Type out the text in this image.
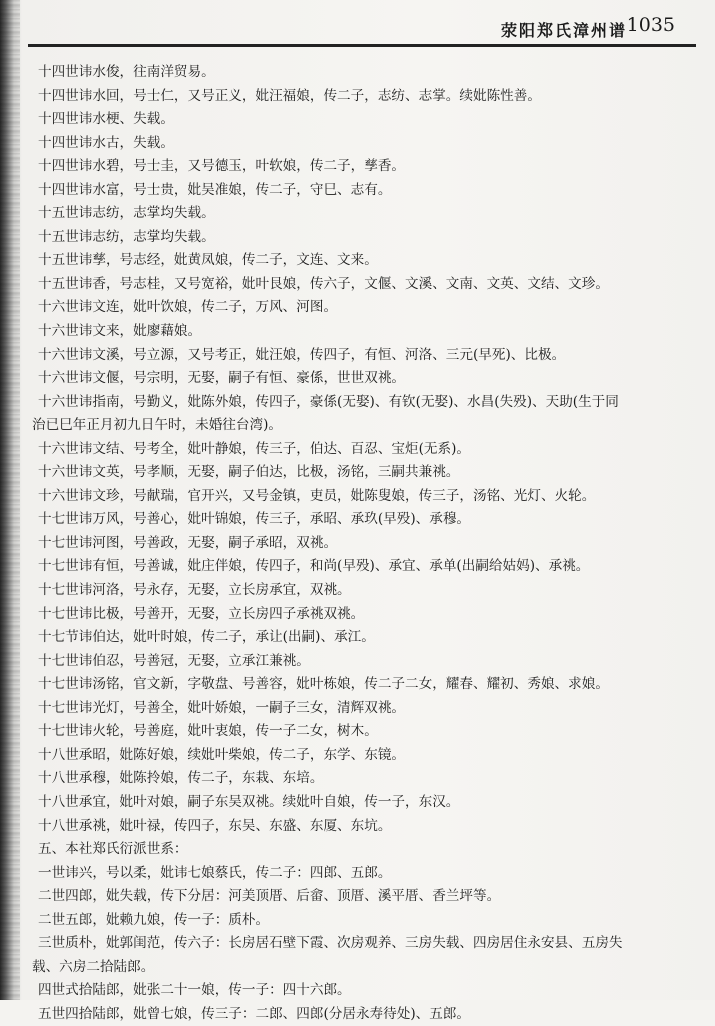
荥阳郑氏漳州谱 1035
十四世讳水俊，往南洋贸易。
十四世讳水回，号士仁，又号正义，妣汪福娘，传二子，志纺、志掌。续妣陈性善。
十四世讳水梗、失载。
十四世讳水古，失载。
十四世讳水碧，号士圭，又号德玉，叶软娘，传二子，孳香。
十四世讳水富，号士贵，妣吴准娘，传二子，守巳、志有。
十五世讳志纺，志掌均失载。
十五世讳志纺，志掌均失载。
十五世讳孳，号志经，妣黄凤娘，传二子，文连、文来。
十五世讳香，号志桂，又号宽裕，妣叶艮娘，传六子，文偃、文溪、文南、文英、文结、文珍。
十六世讳文连，妣叶饮娘，传二子，万风、河图。
十六世讳文来，妣廖藉娘。
十六世讳文溪，号立源，又号考正，妣汪娘，传四子，有恒、河洛、三元(早死)、比极。
十六世讳文偃，号宗明，无娶，嗣子有恒、豪係，世世双祧。
十六世讳指南，号勤义，妣陈外娘，传四子，豪係(无娶)、有钦(无娶)、水昌(失殁)、天助(生于同
治已巳年正月初九日午时，未婚往台湾)。
十六世讳文结、号考全，妣叶静娘，传三子，伯达、百忍、宝炬(无系)。
十六世讳文英，号孝顺，无娶，嗣子伯达，比极，汤铭，三嗣共兼祧。
十六世讳文珍，号献瑞，官开兴，又号金镇，吏员，妣陈叟娘，传三子，汤铭、光灯、火轮。
十七世讳万风，号善心，妣叶锦娘，传三子，承昭、承玖(早殁)、承穆。
十七世讳河图，号善政，无娶，嗣子承昭，双祧。
十七世讳有恒，号善诚，妣庄伴娘，传四子，和尚(早殁)、承宜、承单(出嗣给姑妈)、承祧。
十七世讳河洛，号永存，无娶，立长房承宜，双祧。
十七世讳比极，号善开，无娶，立长房四子承祧双祧。
十七节讳伯达，妣叶时娘，传二子，承让(出嗣)、承江。
十七世讳伯忍，号善冠，无娶，立承江兼祧。
十七世讳汤铭，官文新，字敬盘、号善容，妣叶栋娘，传二子二女，耀春、耀初、秀娘、求娘。
十七世讳光灯，号善全，妣叶娇娘，一嗣子三女，清辉双祧。
十七世讳火轮，号善庭，妣叶衷娘，传一子二女，树木。
十八世承昭，妣陈好娘，续妣叶柴娘，传二子，东学、东镜。
十八世承穆，妣陈拎娘，传二子，东栽、东培。
十八世承宜，妣叶对娘，嗣子东吴双祧。续妣叶自娘，传一子，东汉。
十八世承祧，妣叶禄，传四子，东吴、东盛、东厦、东坑。
五、本社郑氏衍派世系：
一世讳兴，号以柔，妣讳七娘蔡氏，传二子：四郎、五郎。
二世四郎，妣失载，传下分居：河美顶厝、后畲、顶厝、溪平厝、香兰坪等。
二世五郎，妣赖九娘，传一子：质朴。
三世质朴，妣郭闺范，传六子：长房居石壁下霞、次房观养、三房失载、四房居住永安县、五房失
载、六房二拾陆郎。
四世式拾陆郎，妣张二十一娘，传一子：四十六郎。
五世四拾陆郎，妣曾七娘，传三子：二郎、四郎(分居永寿待处)、五郎。
